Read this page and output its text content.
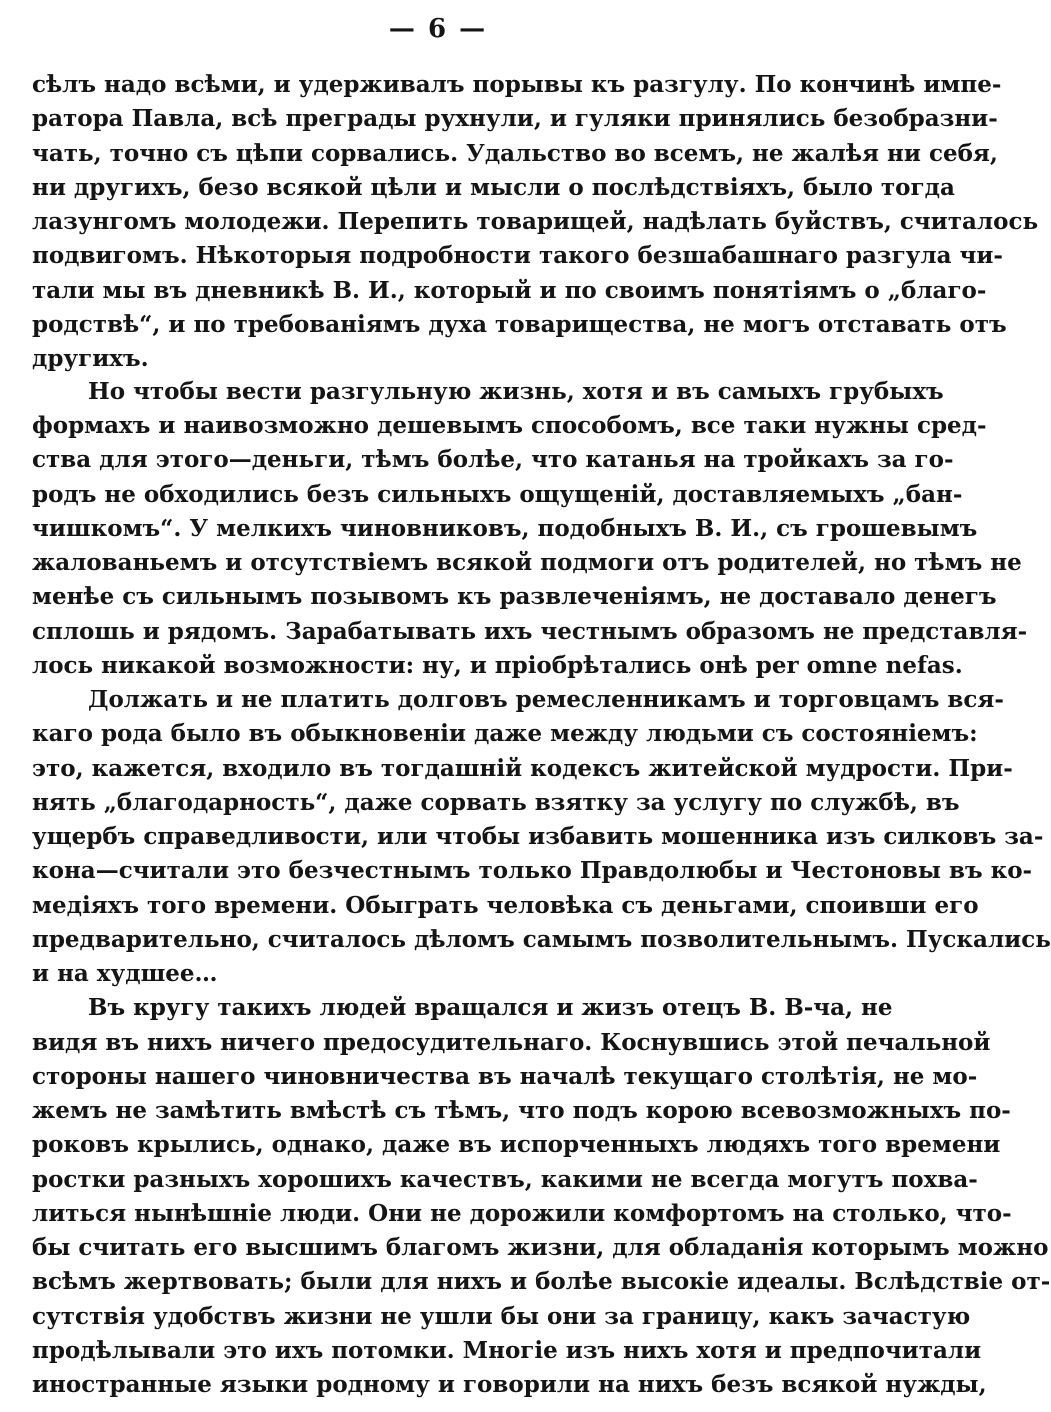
— 6 —
сѣлъ надо всѣми, и удерживалъ порывы къ разгулу. По кончинѣ импе-
ратора Павла, всѣ преграды рухнули, и гуляки принялись безобразни-
чать, точно съ цѣпи сорвались. Удальство во всемъ, не жалѣя ни себя,
ни другихъ, безо всякой цѣли и мысли о послѣдствіяхъ, было тогда
лазунгомъ молодежи. Перепить товарищей, надѣлать буйствъ, считалось
подвигомъ. Нѣкоторыя подробности такого безшабашнаго разгула чи-
тали мы въ дневникѣ В. И., который и по своимъ понятіямъ о „благо-
родствѣ“, и по требованіямъ духа товарищества, не могъ отставать отъ
другихъ.
Но чтобы вести разгульную жизнь, хотя и въ самыхъ грубыхъ
формахъ и наивозможно дешевымъ способомъ, все таки нужны сред-
ства для этого—деньги, тѣмъ болѣе, что катанья на тройкахъ за го-
родъ не обходились безъ сильныхъ ощущеній, доставляемыхъ „бан-
чишкомъ“. У мелкихъ чиновниковъ, подобныхъ В. И., съ грошевымъ
жалованьемъ и отсутствіемъ всякой подмоги отъ родителей, но тѣмъ не
менѣе съ сильнымъ позывомъ къ развлеченіямъ, не доставало денегъ
сплошь и рядомъ. Зарабатывать ихъ честнымъ образомъ не представля-
лось никакой возможности: ну, и пріобрѣтались онѣ per omne nefas.
Должать и не платить долговъ ремесленникамъ и торговцамъ вся-
каго рода было въ обыкновеніи даже между людьми съ состояніемъ:
это, кажется, входило въ тогдашній кодексъ житейской мудрости. При-
нять „благодарность“, даже сорвать взятку за услугу по службѣ, въ
ущербъ справедливости, или чтобы избавить мошенника изъ силковъ за-
кона—считали это безчестнымъ только Правдолюбы и Честоновы въ ко-
медіяхъ того времени. Обыграть человѣка съ деньгами, споивши его
предварительно, считалось дѣломъ самымъ позволительнымъ. Пускались
и на худшее…
Въ кругу такихъ людей вращался и жизъ отецъ В. В-ча, не
видя въ нихъ ничего предосудительнаго. Коснувшись этой печальной
стороны нашего чиновничества въ началѣ текущаго столѣтія, не мо-
жемъ не замѣтить вмѣстѣ съ тѣмъ, что подъ корою всевозможныхъ по-
роковъ крылись, однако, даже въ испорченныхъ людяхъ того времени
ростки разныхъ хорошихъ качествъ, какими не всегда могутъ похва-
литься нынѣшніе люди. Они не дорожили комфортомъ на столько, что-
бы считать его высшимъ благомъ жизни, для обладанія которымъ можно
всѣмъ жертвовать; были для нихъ и болѣе высокіе идеалы. Вслѣдствіе от-
сутствія удобствъ жизни не ушли бы они за границу, какъ зачастую
продѣлывали это ихъ потомки. Многіе изъ нихъ хотя и предпочитали
иностранные языки родному и говорили на нихъ безъ всякой нужды,
